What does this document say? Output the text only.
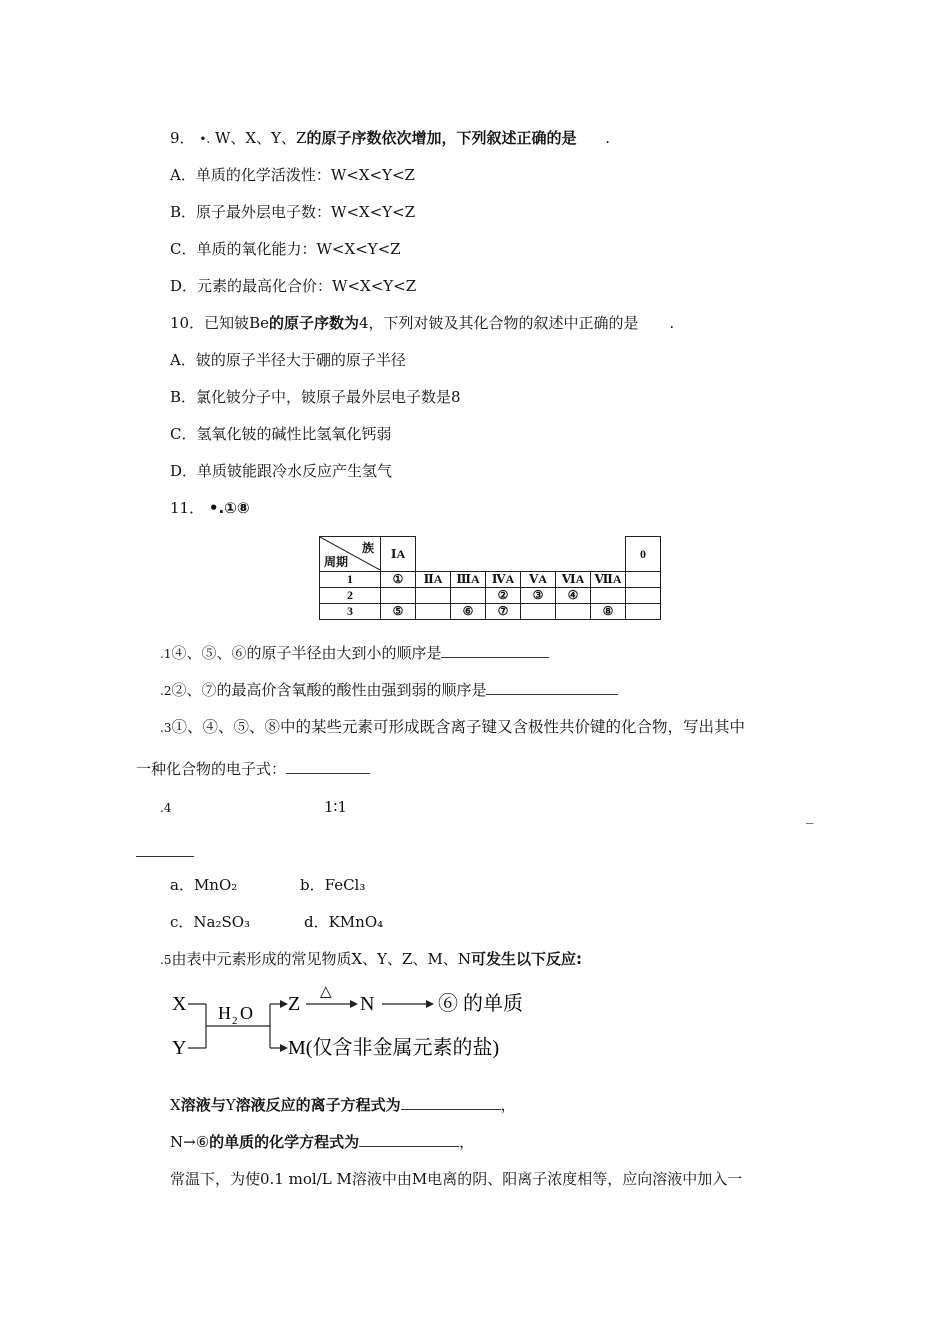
9． •. W、X、Y、Z的原子序数依次增加，下列叙述正确的是 .
A．单质的化学活泼性：W<X<Y<Z
B．原子最外层电子数：W<X<Y<Z
C．单质的氧化能力：W<X<Y<Z
D．元素的最高化合价：W<X<Y<Z
10．已知铍Be的原子序数为4，下列对铍及其化合物的叙述中正确的是 .
A．铍的原子半径大于硼的原子半径
B．氯化铍分子中，铍原子最外层电子数是8
C．氢氧化铍的碱性比氢氧化钙弱
D．单质铍能跟冷水反应产生氢气
11． •.①⑧
族
周期	ⅠA							0
1	①	ⅡA	ⅢA	ⅣA	ⅤA	ⅥA	ⅦA	
2				②	③	④		
3	⑤		⑥	⑦			⑧	
.1④、⑤、⑥的原子半径由大到小的顺序是
.2②、⑦的最高价含氧酸的酸性由强到弱的顺序是
.3①、④、⑤、⑧中的某些元素可形成既含离子键又含极性共价键的化合物，写出其中
一种化合物的电子式：
.4	1∶1	_
a．MnO₂	b．FeCl₃
c．Na₂SO₃	d．KMnO₄
.5由表中元素形成的常见物质X、Y、Z、M、N可发生以下反应:
X
Y
H 2 O Z
△
N	⑥ 的单质
M(仅含非金属元素的盐)
X溶液与Y溶液反应的离子方程式为	，
N→⑥的单质的化学方程式为	，
常温下，为使0.1 mol/L M溶液中由M电离的阴、阳离子浓度相等，应向溶液中加入一
